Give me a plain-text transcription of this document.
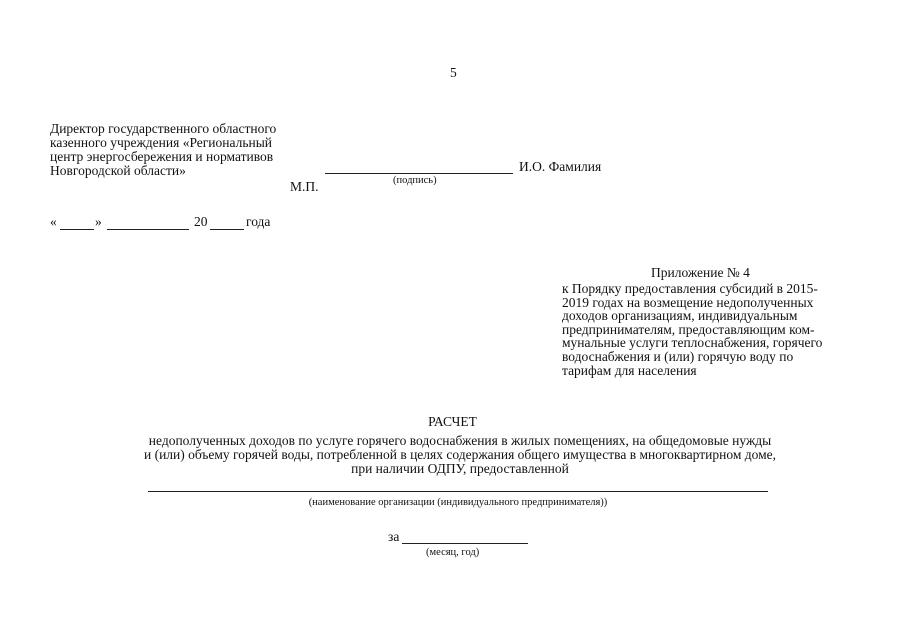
5
Директор государственного областного
казенного учреждения «Региональный
центр энергосбережения и нормативов
Новгородской области»	И.О. Фамилия
(подпись)
М.П.
«	»	20	года
Приложение № 4
к Порядку предоставления субсидий в 2015-
2019 годах на возмещение недополученных
доходов организациям, индивидуальным
предпринимателям, предоставляющим ком-
мунальные услуги теплоснабжения, горячего
водоснабжения и (или) горячую воду по
тарифам для населения
РАСЧЕТ
недополученных доходов по услуге горячего водоснабжения в жилых помещениях, на общедомовые нужды
и (или) объему горячей воды, потребленной в целях содержания общего имущества в многоквартирном доме,
при наличии ОДПУ, предоставленной
(наименование организации (индивидуального предпринимателя))
за
(месяц, год)
